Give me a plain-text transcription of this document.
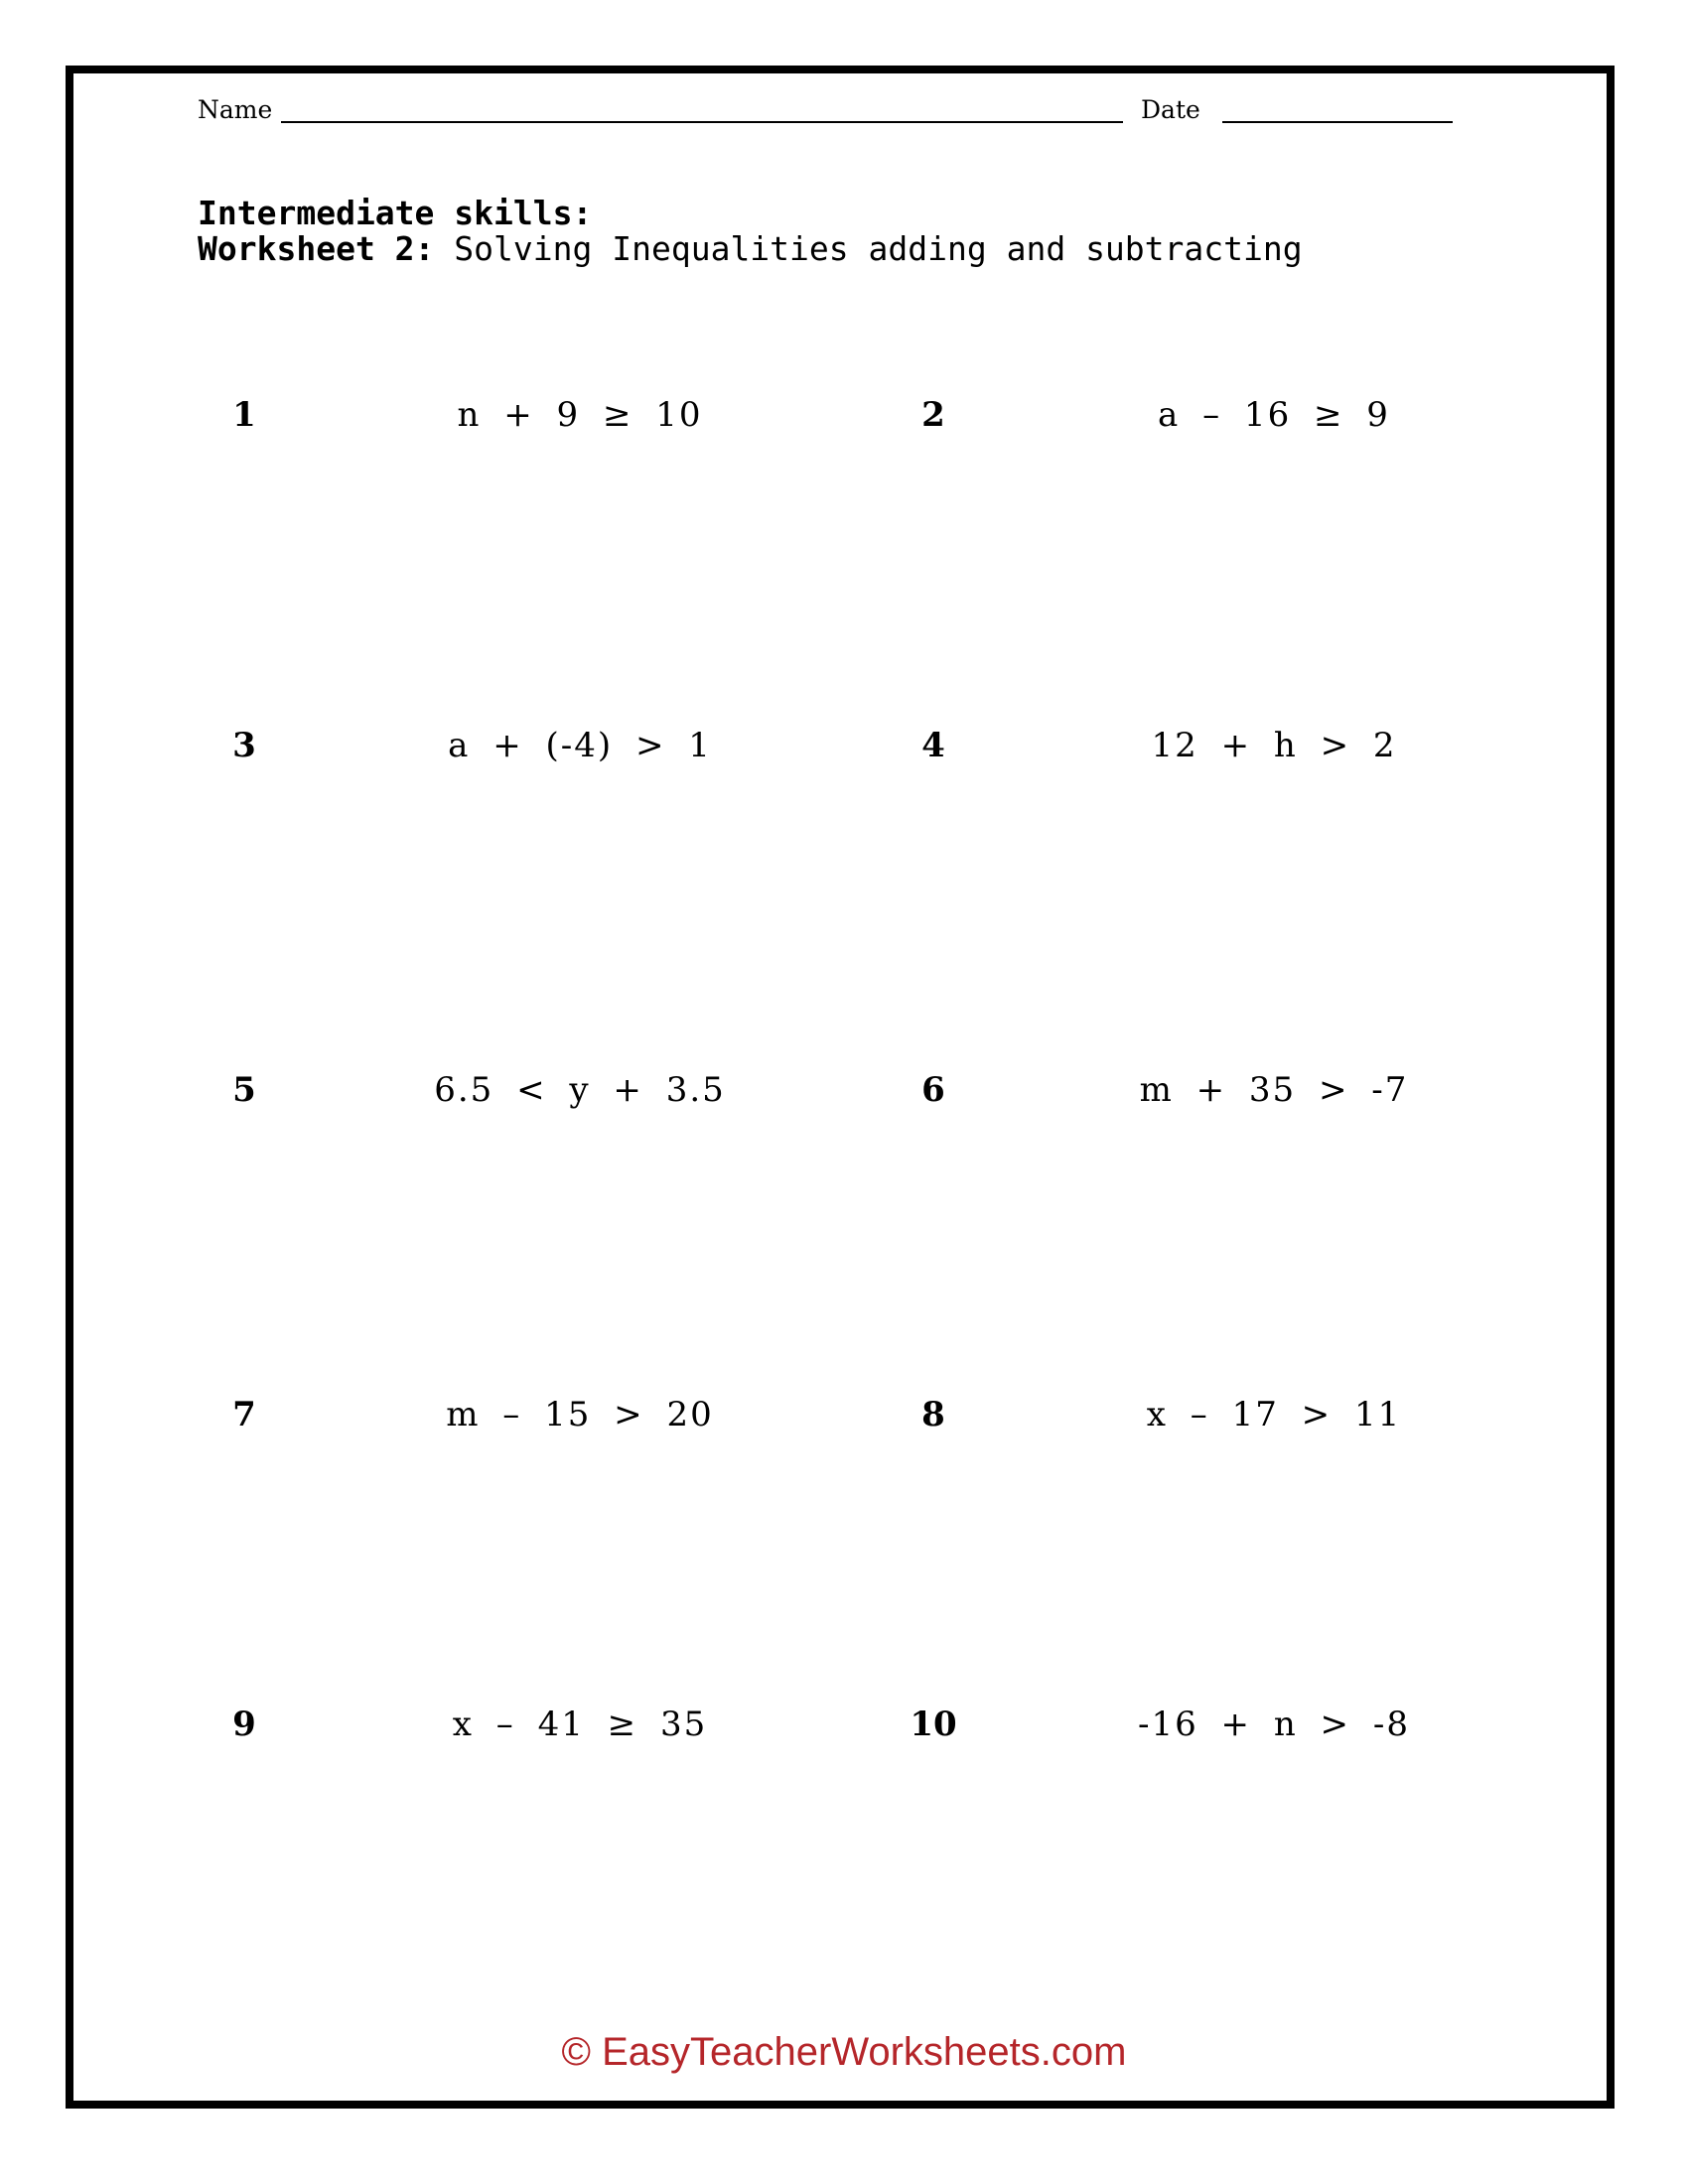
Name	Date
Intermediate skills:
Worksheet 2: Solving Inequalities adding and subtracting
1	n + 9 ≥ 10	2	a – 16 ≥ 9
3	a + (-4) > 1	4	12 + h > 2
5	6.5 < y + 3.5	6	m + 35 > -7
7	m – 15 > 20	8	x – 17 > 11
9	x – 41 ≥ 35	10	-16 + n > -8
© EasyTeacherWorksheets.com
